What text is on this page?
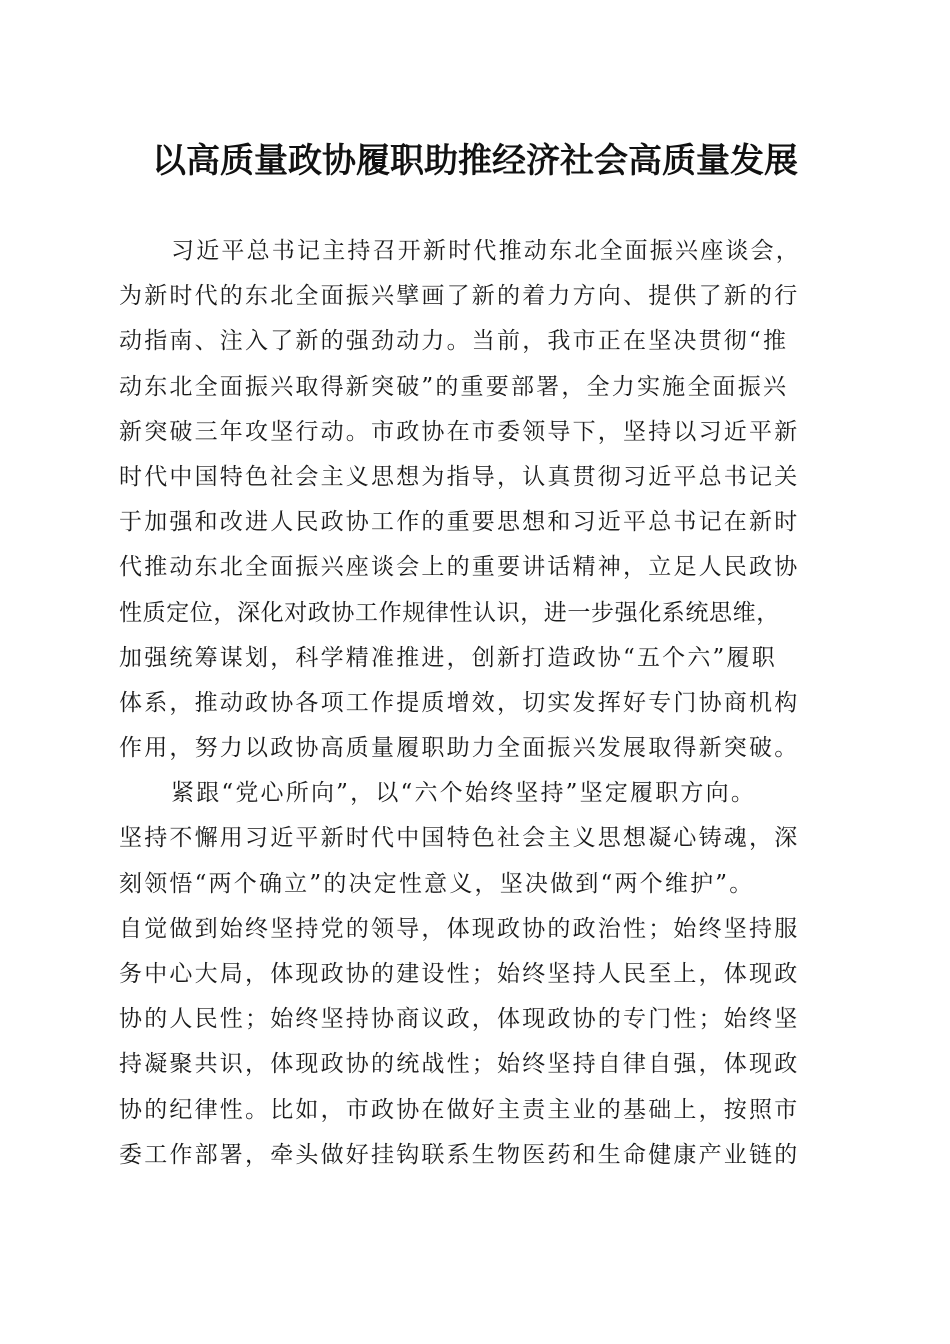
以高质量政协履职助推经济社会高质量发展
习近平总书记主持召开新时代推动东北全面振兴座谈会，
为新时代的东北全面振兴擘画了新的着力方向、提供了新的行
动指南、注入了新的强劲动力。当前，我市正在坚决贯彻“推
动东北全面振兴取得新突破”的重要部署，全力实施全面振兴
新突破三年攻坚行动。市政协在市委领导下，坚持以习近平新
时代中国特色社会主义思想为指导，认真贯彻习近平总书记关
于加强和改进人民政协工作的重要思想和习近平总书记在新时
代推动东北全面振兴座谈会上的重要讲话精神，立足人民政协
性质定位，深化对政协工作规律性认识，进一步强化系统思维，
加强统筹谋划，科学精准推进，创新打造政协“五个六”履职
体系，推动政协各项工作提质增效，切实发挥好专门协商机构
作用，努力以政协高质量履职助力全面振兴发展取得新突破。
紧跟“党心所向”，以“六个始终坚持”坚定履职方向。
坚持不懈用习近平新时代中国特色社会主义思想凝心铸魂，深
刻领悟“两个确立”的决定性意义，坚决做到“两个维护”。
自觉做到始终坚持党的领导，体现政协的政治性；始终坚持服
务中心大局，体现政协的建设性；始终坚持人民至上，体现政
协的人民性；始终坚持协商议政，体现政协的专门性；始终坚
持凝聚共识，体现政协的统战性；始终坚持自律自强，体现政
协的纪律性。比如，市政协在做好主责主业的基础上，按照市
委工作部署，牵头做好挂钩联系生物医药和生命健康产业链的
